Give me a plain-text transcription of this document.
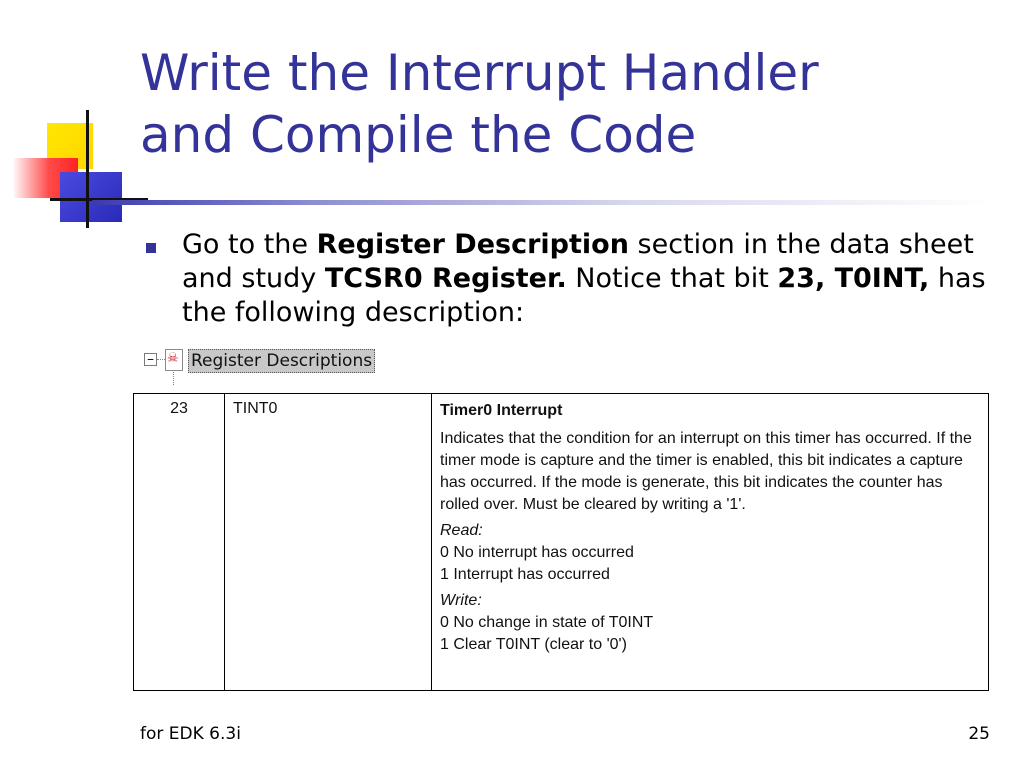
Write the Interrupt Handler
and Compile the Code
Go to the Register Description section in the data sheet and study TCSR0 Register. Notice that bit 23, T0INT, has the following description:
−
☠ Register Descriptions
23	TINT0	Timer0 Interrupt
Indicates that the condition for an interrupt on this timer has occurred. If the timer mode is capture and the timer is enabled, this bit indicates a capture has occurred. If the mode is generate, this bit indicates the counter has rolled over. Must be cleared by writing a '1'.
Read:
0 No interrupt has occurred
1 Interrupt has occurred
Write:
0 No change in state of T0INT
1 Clear T0INT (clear to '0')
for EDK 6.3i	25
